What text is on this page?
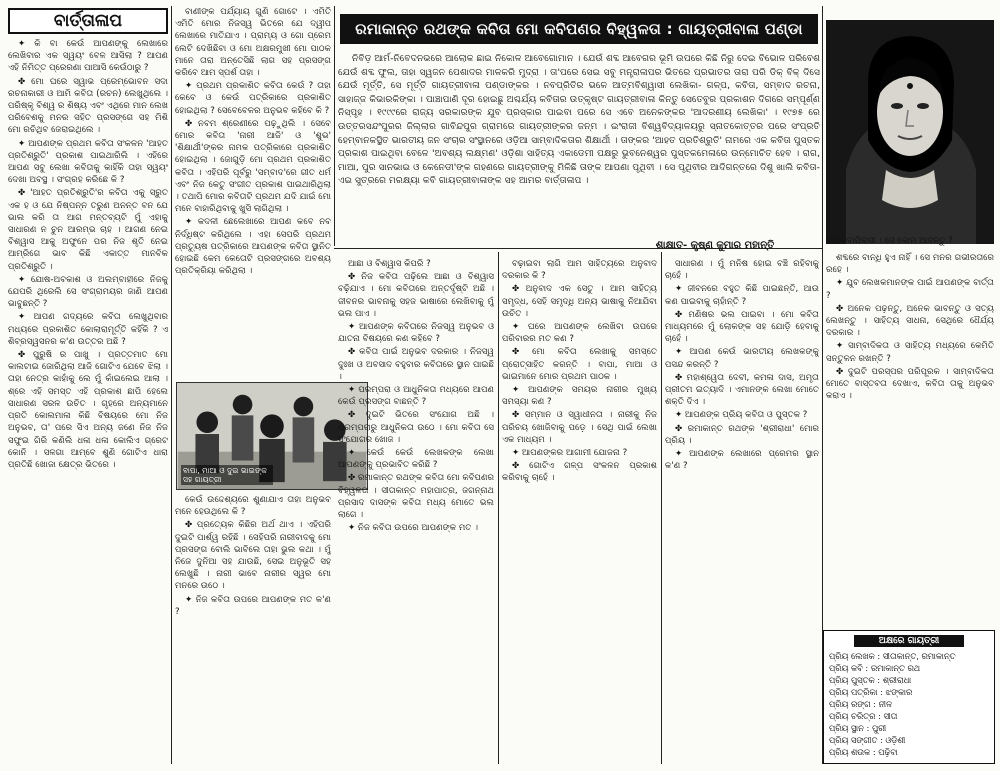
ବାର୍ତ୍ତାଳାପ	ରମାକାନ୍ତ ରଥଙ୍କ କବିତା ମୋ କବିପଣର ବିହ୍ୱଳତା : ଗାୟତ୍ରୀବାଳା ପଣ୍ଡା

ନିବିଡ଼ ଆର୍ମ-ନିବେଦନଭରେ ଆଲୋକ ଛାଇ ନିକୋଳ ଆବେଗୋମାନ । ଯେଉଁ ଶବ୍ଦ ଆବେଗର ଭୂମି ଉପରେ କିଛି ନିରୁ ଦେଇ ବିଭୋଳ ପରିବେଶ ଯେଉଁ ଶବ୍ଦ ଫୁଲ, ତାହା ସ୍ୱଜନ ପେଶାଦର ମାଳକରି ମୁଦ୍ରା । ତା'ପରେ ସେଇ ସବୁ ମନ୍ତ୍ରାଳାପର ଭିତରେ ପ୍ରଭାତର ତାରା ପରି ଡିକ୍ ବିକ୍ ଦିସେ ଯେଉଁ ମୂର୍ତ୍ତି, ସେ ମୂର୍ତ୍ତି ଗାୟତ୍ରୀବାଳା ପଣ୍ଡାଙ୍କର । ନବପ୍ରିତିର ଭଳେ ଆତ୍ମବିଶ୍ୱାସୀ ଲେଖିକା- ଗଳ୍ପ, କବିତା, ସମ୍ବାଦ ରଚନା, ସାହାଜ୍ଜ କିଭାରକିଙ୍କା । ପାଞ୍ଚାପାଣି ଦୂର ହୋଇଛୁ ଅଶ୍ଚର୍ଯ୍ୟ କବିତାର ଉତ୍କୃଷ୍ଟ ଗାୟତ୍ରୀବାଳା କିନ୍ତୁ ସେତେବୁର ପ୍ରକାଶନ ଦିଗରେ ସମ୍ପୂର୍ଣ୍ଣ ନିସ୍ପୃହ । ୧୯୯୯ରେ ରାଜ୍ୟ ସରକାରଙ୍କ ଯୁବ ପ୍ରସ୍କାର ପାଇବା ପରେ ସେ ଏବେ ଅନେକଙ୍କର 'ଆଦରଣୀୟ ଲେଖିକା' । ୧୯୭୫ ରେ ଉତ୍ତରସନ୍ଦଂପୁରର ଜିଲ୍ଲାର ଗାବିନ୍ଦପୁର ଗ୍ରାମରେ ଗାୟତ୍ରୀଙ୍କର ଜନ୍ମ । ଇଂରାଜୀ ବିଶ୍ୱବିଦ୍ୟାଳୟରୁ ସ୍ନାତକୋତ୍ତର ପରେ ସଂପ୍ରତି ହେମ୍ବାନକସ୍ଥିତ ଭାରତୀୟ ଜନ ସଂଚାର ସଂସ୍ଥାନରେ ଓଡ଼ିଆ ସାମ୍ବାଦିକତାର ଶିକ୍ଷାର୍ଥୀ । ତାଙ୍କର 'ଆହତ ପ୍ରତିଶ୍ରୁତି' ନାମରେ ଏକ କବିତା ପୁସ୍ତକ ପ୍ରକାଶ ପାଇଥିବା ବେଳେ 'ଅବଶ୍ୟ ଲକ୍ଷ୍ମଣ' ଓଡ଼ିଶା ସାହିତ୍ୟ ଏକାଡେମୀ ପକ୍ଷରୁ ଭୁବନେଶ୍ୱର ପୁସ୍ତକମେଳାରେ ଉନ୍ମୋଚିତ ହେବ । ରାଗ, ମାଆ, ପୁର ସାନଭାଇ ଓ କେନେଡୀ'ଙ୍କ ଗହଣରେ ଗାୟତ୍ରୀଙ୍କୁ ମିଳିଛି ତାଙ୍କ ଆପଣା ପୃଥିବୀ । ସେ ପୃଥିବୀର ଆଦିଗନ୍ତରେ ଦିଶୁ ଖାଲି କବିତା- ଏଇ ସୁତ୍ରରେ ମରକ୍ଷ୍ୟା କବି ଗାୟତ୍ରୀବାଳାଙ୍କ ସହ ଆମର ବାର୍ତ୍ତାଳାପ ।

ବିଦ କବାପିରାସୀ । ସେ କୋମ ଆଦନ୍ତୁ ?
ଶାକ୍ଷାତ- କୃଷ୍ଣ କୁମାର ମହାନ୍ତି

✦ କି ବା କେଉଁ ଆପଣଙ୍କୁ ଲେଖାରେ ଲେଖିବାର ଏକ ସ୍ୱୟଂ ବେଳ ଆସିଲା ? ଆପଣ ଏହି ନିମିତ୍ତ ପ୍ରେରଣା ପାଆସି କେଉଁଠାରୁ ?

✤ ମୋ ଘରେ ସ୍ୱାଭ ପ୍ରେମ୍ଭୋବନ ସଦା ରଚନାକାରୀ ଓ ଆମି କବିତା (ରଚନ) ଲେଖୁଥିଲେ । ପରିଷ୍କୃ ବିଶ୍ୱ ର ଶିଷ୍ୟ ଏବଂ ଏଥିରେ ମାନ ଲେଖ ପରିବେଶକୁ ମନର ସହିତ ପ୍ରସଙ୍ଗେ ସହ ମିଶି ମୋ ରଚିଥିବ ଜେରାଇଥିଲେ ।

✦ ଆପଣଙ୍କ ପ୍ରଥମ କବିତା ସଂକଳନ 'ଆହତ ପ୍ରତିଶ୍ରୁତି' ପ୍ରକାଶ ପାଇଥାରିଲି । ଏହିରେ ଆପଣ ସବୁ ଲେଖା କବିତାକୁ କାହିଁକି ତାହା ସ୍ୱୟଂ ଦେଖା ଅବସ୍ଥ । ସଂଗ୍ରହ କରିଛେ କି ?

✤ 'ଆହତ ପ୍ରତିଶ୍ରୁତି'ର କବିତା ଏକୁ ସ୍ରୁତ ଏକ ହ ଓ ଯେ ନିଷ୍ପନ୍ନ ତରୁଣ ଅନନ୍ତ ବନ ଯେ ଭାଲ କରି ତା ଆଗ ମନ୍ତବ୍ୟଟି ମୁଁ ଏହାକୁ ସାଧାରଣ ନ ଚୁନ ଆରମ୍ଭ ଚାହ । ଆଗଣ ନେଇ ବିଶ୍ୱାସ ଆକୁ ଅଫୁନେ ପର ନିଜ ଶୃତି ନେଇ ଆମ୍ରିଗେ ଭାବ କିଛି ଏକାତ୍ତ ମାନବିକ ପ୍ରତିଶ୍ରୁତି ।

✦ ଯୋଷ-ଅବକାଶ ଓ ଅଲମ୍ବାହୀରେ ନିଜକୁ ଯେପରି ଥିରେଲି ସେ ସଂଗ୍ରାମୟର ଜାଣି ଆପଣ ଭାବୁଛନ୍ତି ?

✦ ଆପଣ ଗଦ୍ୟରେ କବିତା ଲେଖୁଥିବାର ମଧ୍ୟରେ ପ୍ରକାଶିତ କୋଲାରାମୂର୍ତ୍ତି କହିଁକି ? ଏ ଶିବ୍ରସ୍ୱସନର କ'ଣ ଉତ୍ତର ଅଛି ?

✤ ପୁରୁଷି ର ପାଖୁ । ପ୍ରତ୍ତମାତ ମୋ କାଲଟାଇ ଜୋରିଥିଲା ଆଜି ଗୋଟିଏ ଯେବେ ଝିଲା । ତାହା ନେତ୍ର କାହାଁକୁ ଲେ ମୁଁ କାଁଇଲେଇ ଆଲା । ଶ୍ରେ ଏହି ସମସ୍ତ ଏହି ପ୍ରକାଶ ଛାପି ହେଲେ ସାଧାରଣ ସରଳ ଉଚିତ । ଗୃହରେ ଅନ୍ୟମାନେ ପ୍ରତି କୋଲମାଳା କିଛି ବିଷୟରେ ମୋ ନିଜ ଅନୁଭବ, ତା' ପରେ ସିଏ ଅନ୍ୟ ଜଣେ ନିଜ ନିଜ ସଫୁଇ ଗିରି କଣିଲି ଧଳା ଧଳା କୋଲିଏ ଗ୍ରେଟ କୋନି । ସଳଗା ଆମ୍ବେ ଶୁଣି ଗୋଟିଏ ଧାରା ପ୍ରତିଛି ଖୋଜା କ୍ଷେତ୍ର ଭିତରେ ।

ବାଣୀଙ୍କ ପର୍ଯ୍ୟାୟ ଗୁଣି ଗୋଟେ । ଏମିତି ଏମିତି ମୋର ନିଜସ୍ୱ ଭିତରେ ଯେ ଦ୍ୱୀପ ଲେଖାରେ ମାତିଯାଏ । ପ୍ରାମ୍ୟ ଓ ଗୋ ପ୍ରେମ ଲେଟି ଦେଖିଛିବା ଓ ମୋ ଅକ୍ଷରମୁଖୀ ମୋ ପାଠକ ମାନେ ତାରା ଅନ୍ତେସିଛି ଲାଗ ସହ ପ୍ରସଙ୍ଗ କରିବେ ଆମ ସ୍ପର୍ଶ ତାହା ।

✦ ପ୍ରଥମ ପ୍ରକାଶିତ କବିତା କେଉଁ ? ତାହା କେବେ ଓ କେଉଁ ପତ୍ରିକାରେ ପ୍ରକାଶିତ ହୋଇଥିଲା ? ସେବେବେଳର ଅନୁଭବ କହିବେ କି ?

✤ ନବମ ଶ୍ରେଣୀରେ ପଢ଼ୁଥିଲି । ସେବେ ମୋର କବିତା 'ନାରୀ ଆଜି' ଓ 'ଶୁଭ' 'ଶିକ୍ଷାର୍ଥୀ'ଙ୍କର ନାମକ ପତ୍ରିକାରେ ପ୍ରକାଶିତ ହୋଇଥିଲା । ଜୋଗୁଡ଼ି ମୋ ପ୍ରଥମ ପ୍ରକାଶିତ କବିତା । ଏହିପରି ପୂର୍ବରୁ 'ସମ୍ବାଦ'ରେ ଗୀତ ଧର୍ମ ଏବଂ ନିଜ କେତୁ ସଂଗୀତ ପ୍ରକାଶ ପାଇଥାରିଥିଲା । ତଥାପି ମୋର କବିତାଟି ପ୍ରଥମ ଯଦି ଯାଇଁ ମୋ ମନେ ବାହାରିଥିବାକୁ ଖୁସି ଲାଗିଥିଲା ।

✦ କଦଳୀ ଛେଲେଖାରେ ଆପଣ କବେ ନବ ନିର୍ଦ୍ଧିଷ୍ଟ କରିଥିଲେ । ଏହା ସେପରି ପ୍ରଥମ ପ୍ରତ୍ୟୁଷ ପତ୍ରିକାରେ ଆପଣଙ୍କ କବିତା ସ୍ଥାନିତ ହୋଇଛି କେମ କେତୋଟି ପ୍ରସଙ୍ଗରେ ଅବଶ୍ୟ ପ୍ରତିକ୍ରିୟା କରିଥିଲା ।

ବାପା, ମାଆ ଓ ଦୁଇ ଭାଇଙ୍କ ସହ ଗାୟତ୍ରୀ

କେଉଁ ଉଦ୍ଦେଶ୍ୟରେ ଶୁଣାଯାଏ ତାହା ଅନୁଭବ ମନେ ହେଉଥିଲେ କି ?

✤ ପ୍ରତ୍ୟେକ କିଛିର ଅର୍ଥ ଥାଏ । ଏହିପରି ଦୁଇଟି ପାର୍ଶ୍ୱ ରହିଛି । ସେହିପରି ନାରୀବାଦକୁ ମୋ ପ୍ରସଙ୍ଗ ବୋଲି ଭାବିଲେ ତାହା ଭୁଲ କଥା । ମୁଁ ନିଜେ ଦୁନିଆ ସହ ଯାଉଛି, ସେଇ ଅନୁଭୂତି ସହ ଲେଖୁଛି । ନାରୀ ଭାବେ ନାରୀର ସ୍ୱର ମୋ ମନରେ ଉଠେ ।

✦ ନିଜ କବିତା ଉପରେ ଆପଣଙ୍କ ମତ କ'ଣ ?

ଆଛା ଓ ବିଶ୍ୱାସ କିପରି ?

✤ ନିଜ କବିତା ପଢ଼ିଲେ ଆଛା ଓ ବିଶ୍ୱାସ ବଢ଼ିଯାଏ । ମୋ କବିତାରେ ଅନ୍ତର୍ଦୃଷ୍ଟି ଅଛି । ଜୀବନର ଭାବନାକୁ ସହଜ ଭାଷାରେ ଲେଖିବାକୁ ମୁଁ ଭଲ ପାଏ ।

✦ ଆପଣଙ୍କ କବିତାରେ ନିଜସ୍ୱ ଅନୁଭବ ଓ ଯାତନା ବିଷୟରେ କଣ କହିବେ ?

✤ କବିତା ପାଇଁ ଅନୁଭବ ଦରକାର । ନିଜସ୍ୱ ଦୁଃଖ ଓ ଅବସାଦ ବହୁବାର କବିତାରେ ସ୍ଥାନ ପାଇଛି ।

✦ ପରମ୍ପରା ଓ ଆଧୁନିକତା ମଧ୍ୟରେ ଆପଣ କେଉଁ ପ୍ରସଙ୍ଗ ବାଛନ୍ତି ?

✤ ଦୁଇଟି ଭିତରେ ସଂଯୋଗ ଅଛି । ପରମ୍ପରାରୁ ଆଧୁନିକତା ଉଠେ । ମୋ କବିତା ସେ ସଂଯୋଗର ଖୋଜ ।

✦ କେଉଁ କେଉଁ ଲେଖକଙ୍କ ଲେଖା ଆପଣଙ୍କୁ ପ୍ରଭାବିତ କରିଛି ?

✤ ରମାକାନ୍ତ ରଥଙ୍କ କବିତା ମୋ କବିପଣର ବିହ୍ୱଳତା । ସୀତାକାନ୍ତ ମହାପାତ୍ର, ଜଗନ୍ନାଥ ପ୍ରସାଦ ଦାସଙ୍କ କବିତା ମଧ୍ୟ ମୋତେ ଭଲ ଲାଗେ ।

✦ ନିଜ କବିତା ଉପରେ ଆପଣଙ୍କ ମତ ।

ବଢ଼ାଇବା ଲାଗି ଆମ ସାହିତ୍ୟରେ ଅନୁବାଦ ଦରକାର କି ?

✤ ଅନୁବାଦ ଏକ ସେତୁ । ଆମ ସାହିତ୍ୟ ସମୃଦ୍ଧ, ସେହି ସମୃଦ୍ଧି ଅନ୍ୟ ଭାଷାକୁ ନିଆଯିବା ଉଚିତ ।

✦ ଘରେ ଆପଣଙ୍କ ଲେଖିବା ଉପରେ ପରିବାରର ମତ କଣ ?

✤ ମୋ କବିତା ଲେଖାକୁ ସମସ୍ତେ ପ୍ରୋତ୍ସାହିତ କରନ୍ତି । ବାପା, ମାଆ ଓ ଭାଇମାନେ ମୋର ପ୍ରଥମ ପାଠକ ।

✦ ଆପଣଙ୍କ ସମୟର ନାରୀର ମୁଖ୍ୟ ସମସ୍ୟା କଣ ?

✤ ସମ୍ମାନ ଓ ସ୍ୱାଧୀନତା । ନାରୀକୁ ନିଜ ପରିଚୟ ଖୋଜିବାକୁ ପଡ଼େ । ସେଥି ପାଇଁ ଲେଖା ଏକ ମାଧ୍ୟମ ।

✦ ଆପଣଙ୍କର ଆଗାମୀ ଯୋଜନା ?

✤ ଗୋଟିଏ ଗଳ୍ପ ସଂକଳନ ପ୍ରକାଶ କରିବାକୁ ଚାହେଁ ।

ସାଧାରଣ । ମୁଁ ମନିଷ ହୋଇ ବଞ୍ଚି ରହିବାକୁ ଚାହେଁ ।

✦ ଜୀବନରେ ବହୁତ କିଛି ପାଇଛନ୍ତି, ଆଉ କଣ ପାଇବାକୁ ଚାହାଁନ୍ତି ?

✤ ମଣିଷର ଭଲ ପାଇବା । ମୋ କବିତା ମାଧ୍ୟମରେ ମୁଁ ଲୋକଙ୍କ ସହ ଯୋଡ଼ି ହେବାକୁ ଚାହେଁ ।

✦ ଆପଣ କେଉଁ ଭାରତୀୟ ଲେଖକଙ୍କୁ ପସନ୍ଦ କରନ୍ତି ?

✤ ମହାଶ୍ୱେତା ଦେବୀ, କମଳା ଦାସ, ଅମୃତା ପ୍ରୀତମ ଇତ୍ୟାଦି । ଏମାନଙ୍କ ଲେଖା ମୋତେ ଶକ୍ତି ଦିଏ ।

✦ ଆପଣଙ୍କ ପ୍ରିୟ କବିତା ଓ ପୁସ୍ତକ ?

✤ ରମାକାନ୍ତ ରଥଙ୍କ 'ଶ୍ରୀରାଧା' ମୋର ପ୍ରିୟ ।

✦ ଆପଣଙ୍କ ଲେଖାରେ ପ୍ରେମର ସ୍ଥାନ କ'ଣ ?

ଶବ୍ଦରେ ବାନ୍ଧି ହୁଏ ନାହିଁ । ସେ ମନର ଗଭୀରତାରେ ରହେ ।

✦ ଯୁବ ଲେଖକମାନଙ୍କ ପାଇଁ ଆପଣଙ୍କ ବାର୍ତ୍ତା ?

✤ ଅନେକ ପଢ଼ନ୍ତୁ, ଅନେକ ଭାବନ୍ତୁ ଓ ସତ୍ୟ ଲେଖନ୍ତୁ । ସାହିତ୍ୟ ସାଧନା, ସେଥିରେ ଧୈର୍ଯ୍ୟ ଦରକାର ।

✦ ସାମ୍ବାଦିକତା ଓ ସାହିତ୍ୟ ମଧ୍ୟରେ କେମିତି ସନ୍ତୁଳନ ରଖନ୍ତି ?

✤ ଦୁଇଟି ପରସ୍ପର ପରିପୂରକ । ସାମ୍ବାଦିକତା ମୋତେ ବାସ୍ତବତା ଦେଖାଏ, କବିତା ତାକୁ ଅନୁଭବ କରାଏ ।

ଅକ୍ଷରେ ଗାୟତ୍ରୀ
ପ୍ରିୟ ଲେଖକ : ସୀତାକାନ୍ତ, ରମାକାନ୍ତ
ପ୍ରିୟ କବି : ରମାକାନ୍ତ ରଥ
ପ୍ରିୟ ପୁସ୍ତକ : ଶ୍ରୀରାଧା
ପ୍ରିୟ ପତ୍ରିକା : ଝଙ୍କାର
ପ୍ରିୟ ରଙ୍ଗ : ନୀଳ
ପ୍ରିୟ ଚରିତ୍ର : ସୀତା
ପ୍ରିୟ ସ୍ଥାନ : ପୁରୀ
ପ୍ରିୟ ସଙ୍ଗୀତ : ଓଡ଼ିଶୀ
ପ୍ରିୟ ଶଉକ : ପଢ଼ିବା
